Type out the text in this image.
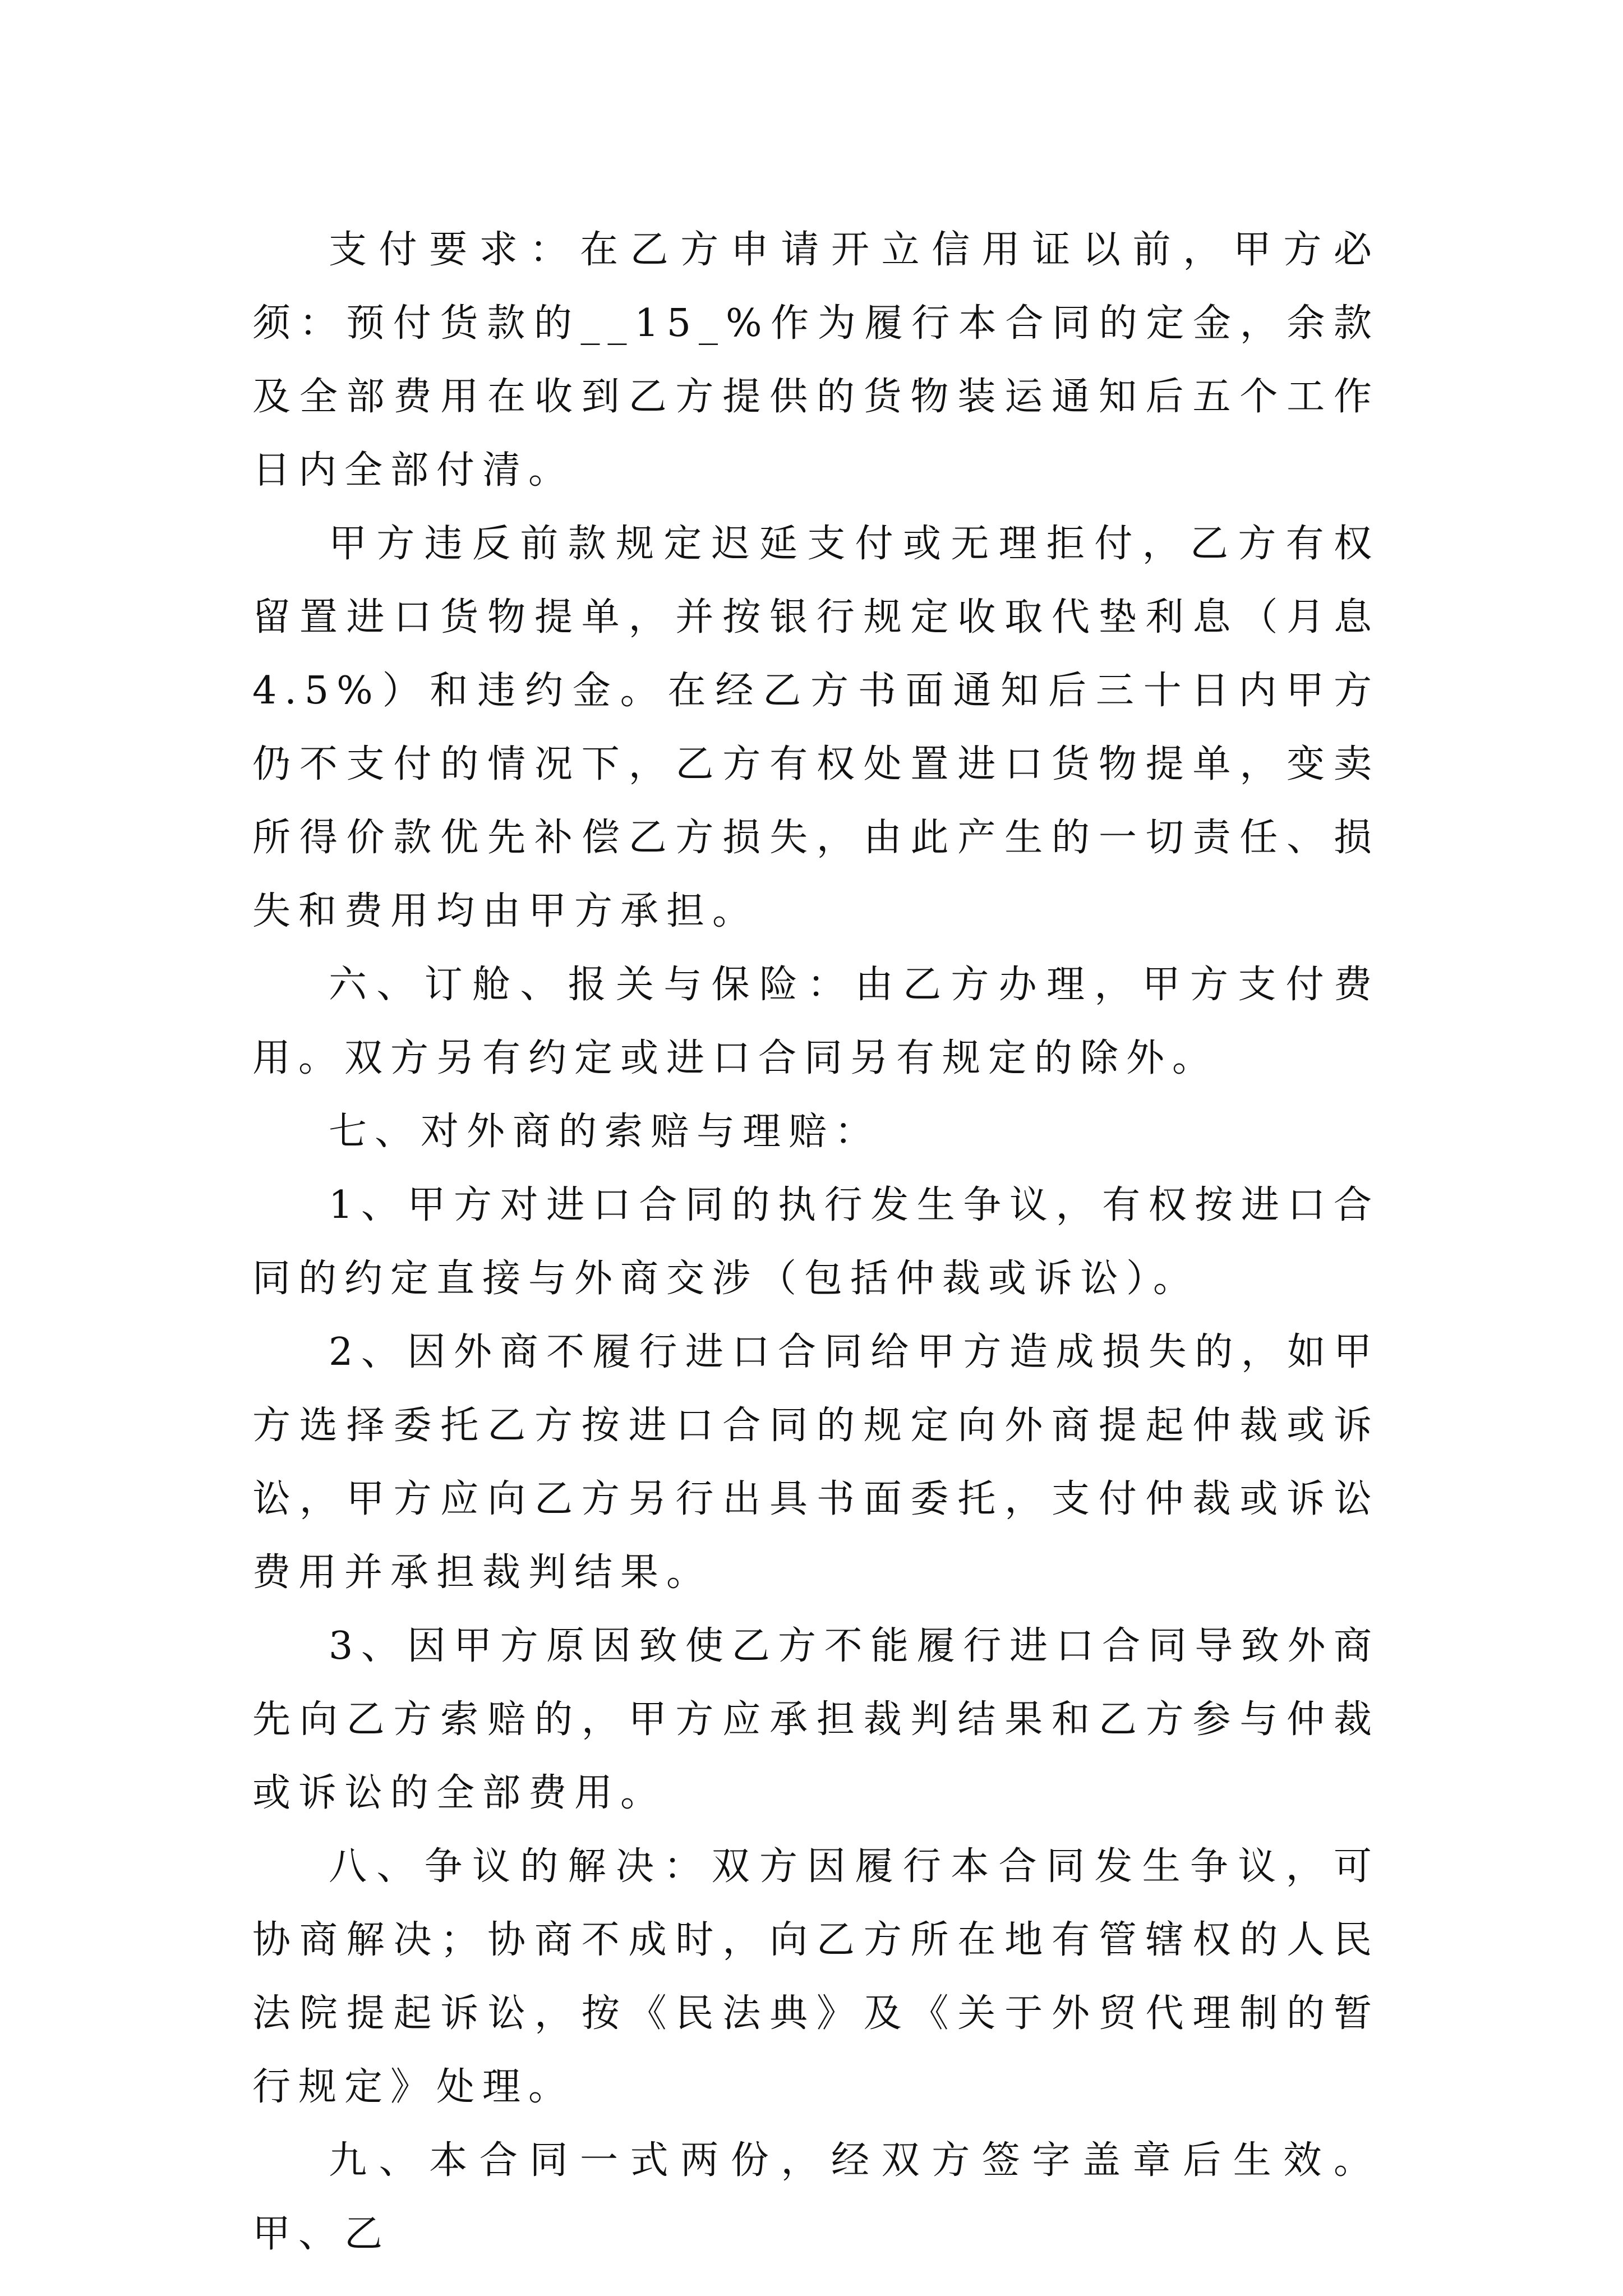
支付要求：在乙方申请开立信用证以前，甲方必须：预付货款的__15_%作为履行本合同的定金，余款及全部费用在收到乙方提供的货物装运通知后五个工作日内全部付清。

甲方违反前款规定迟延支付或无理拒付，乙方有权留置进口货物提单，并按银行规定收取代垫利息（月息4.5%）和违约金。在经乙方书面通知后三十日内甲方仍不支付的情况下，乙方有权处置进口货物提单，变卖所得价款优先补偿乙方损失，由此产生的一切责任、损失和费用均由甲方承担。

六、订舱、报关与保险：由乙方办理，甲方支付费用。双方另有约定或进口合同另有规定的除外。

七、对外商的索赔与理赔：

1、甲方对进口合同的执行发生争议，有权按进口合同的约定直接与外商交涉（包括仲裁或诉讼）。

2、因外商不履行进口合同给甲方造成损失的，如甲方选择委托乙方按进口合同的规定向外商提起仲裁或诉讼，甲方应向乙方另行出具书面委托，支付仲裁或诉讼费用并承担裁判结果。

3、因甲方原因致使乙方不能履行进口合同导致外商先向乙方索赔的，甲方应承担裁判结果和乙方参与仲裁或诉讼的全部费用。

八、争议的解决：双方因履行本合同发生争议，可协商解决；协商不成时，向乙方所在地有管辖权的人民法院提起诉讼，按《民法典》及《关于外贸代理制的暂行规定》处理。

九、本合同一式两份，经双方签字盖章后生效。甲、乙
